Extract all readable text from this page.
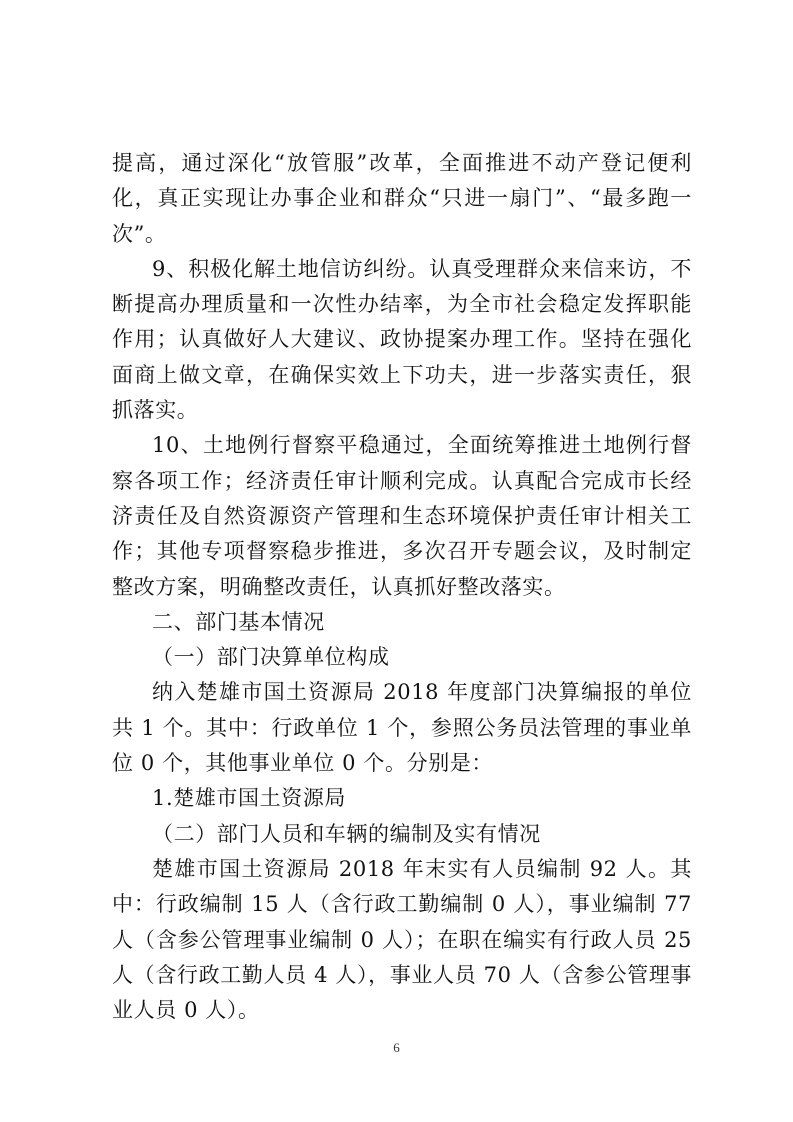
提高，通过深化“放管服”改革，全面推进不动产登记便利化，真正实现让办事企业和群众“只进一扇门”、“最多跑一次”。

9、积极化解土地信访纠纷。认真受理群众来信来访，不断提高办理质量和一次性办结率，为全市社会稳定发挥职能作用；认真做好人大建议、政协提案办理工作。坚持在强化面商上做文章，在确保实效上下功夫，进一步落实责任，狠抓落实。

10、土地例行督察平稳通过，全面统筹推进土地例行督察各项工作；经济责任审计顺利完成。认真配合完成市长经济责任及自然资源资产管理和生态环境保护责任审计相关工作；其他专项督察稳步推进，多次召开专题会议，及时制定整改方案，明确整改责任，认真抓好整改落实。

二、部门基本情况

（一）部门决算单位构成

纳入楚雄市国土资源局 2018 年度部门决算编报的单位共 1 个。其中：行政单位 1 个，参照公务员法管理的事业单位 0 个，其他事业单位 0 个。分别是：

1.楚雄市国土资源局

（二）部门人员和车辆的编制及实有情况

楚雄市国土资源局 2018 年末实有人员编制 92 人。其中：行政编制 15 人（含行政工勤编制 0 人），事业编制 77 人（含参公管理事业编制 0 人）；在职在编实有行政人员 25 人（含行政工勤人员 4 人），事业人员 70 人（含参公管理事业人员 0 人）。

6
